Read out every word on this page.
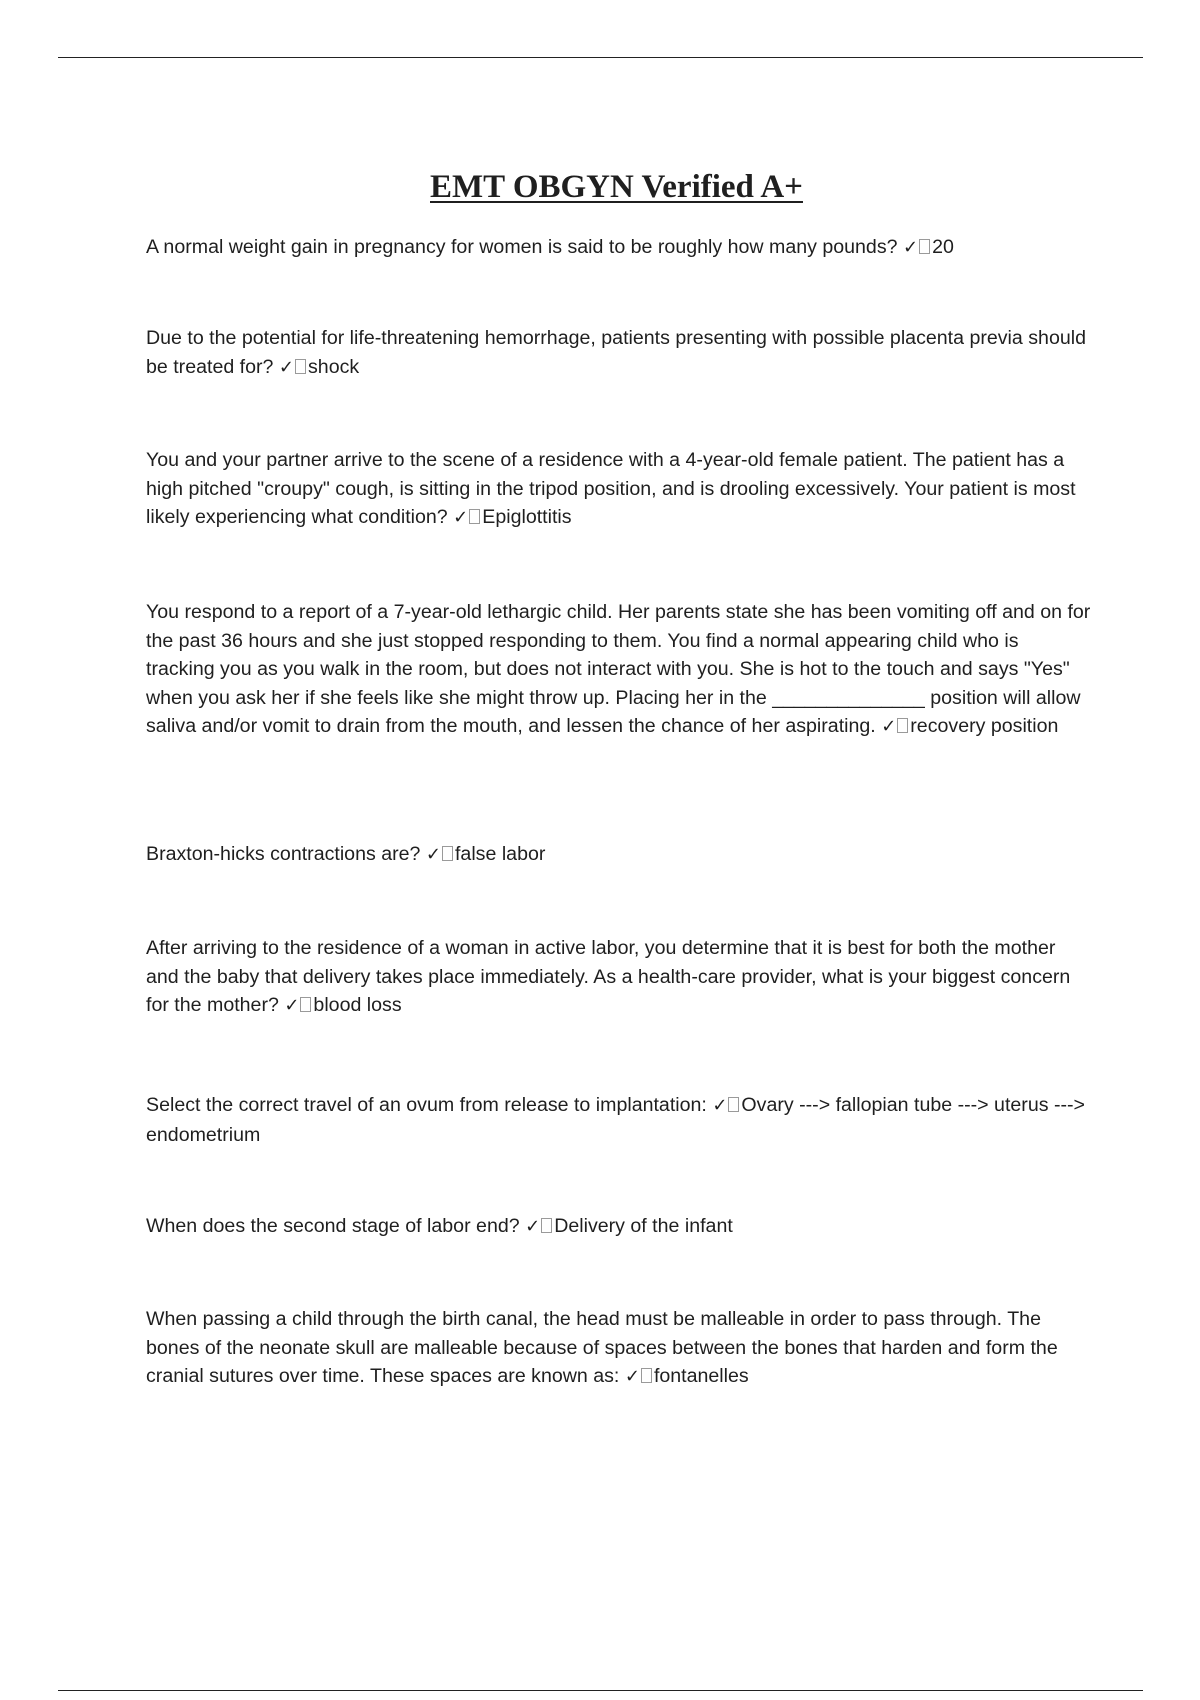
EMT OBGYN Verified A+

A normal weight gain in pregnancy for women is said to be roughly how many pounds? ✓ 20

Due to the potential for life-threatening hemorrhage, patients presenting with possible placenta previa should be treated for? ✓ shock

You and your partner arrive to the scene of a residence with a 4-year-old female patient. The patient has a high pitched "croupy" cough, is sitting in the tripod position, and is drooling excessively. Your patient is most likely experiencing what condition? ✓ Epiglottitis

You respond to a report of a 7-year-old lethargic child. Her parents state she has been vomiting off and on for the past 36 hours and she just stopped responding to them. You find a normal appearing child who is tracking you as you walk in the room, but does not interact with you. She is hot to the touch and says "Yes" when you ask her if she feels like she might throw up. Placing her in the ______________ position will allow saliva and/or vomit to drain from the mouth, and lessen the chance of her aspirating. ✓ recovery position

Braxton-hicks contractions are? ✓ false labor

After arriving to the residence of a woman in active labor, you determine that it is best for both the mother and the baby that delivery takes place immediately. As a health-care provider, what is your biggest concern for the mother? ✓ blood loss

Select the correct travel of an ovum from release to implantation: ✓ Ovary ---> fallopian tube ---> uterus ---> endometrium

When does the second stage of labor end? ✓ Delivery of the infant

When passing a child through the birth canal, the head must be malleable in order to pass through. The bones of the neonate skull are malleable because of spaces between the bones that harden and form the cranial sutures over time. These spaces are known as: ✓ fontanelles
